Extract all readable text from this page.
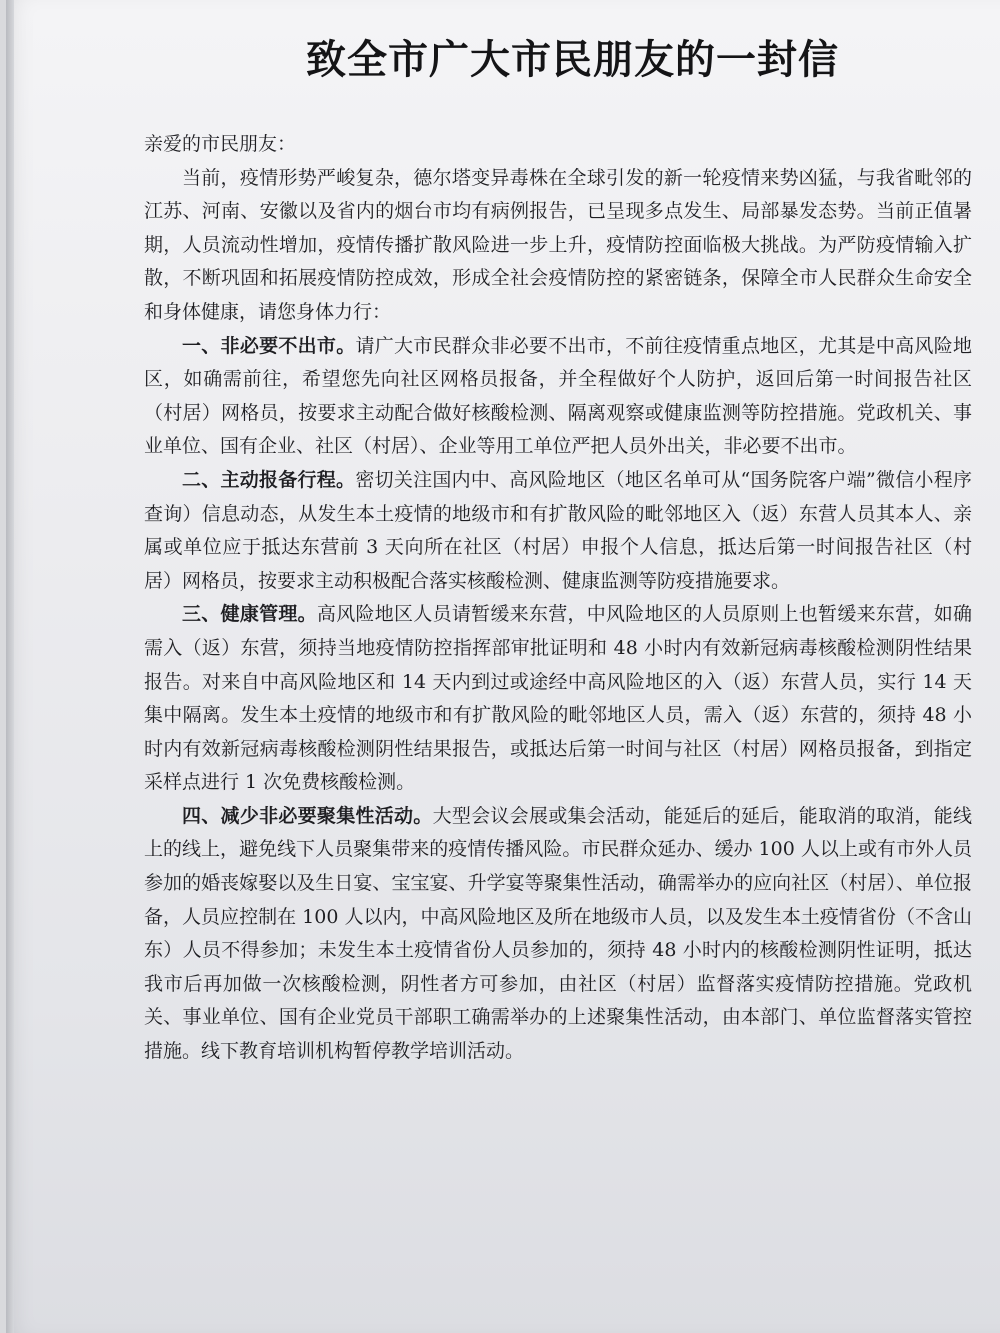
致全市广大市民朋友的一封信

亲爱的市民朋友：

当前，疫情形势严峻复杂，德尔塔变异毒株在全球引发的新一轮疫情来势凶猛，与我省毗邻的江苏、河南、安徽以及省内的烟台市均有病例报告，已呈现多点发生、局部暴发态势。当前正值暑期，人员流动性增加，疫情传播扩散风险进一步上升，疫情防控面临极大挑战。为严防疫情输入扩散，不断巩固和拓展疫情防控成效，形成全社会疫情防控的紧密链条，保障全市人民群众生命安全和身体健康，请您身体力行：

一、非必要不出市。请广大市民群众非必要不出市，不前往疫情重点地区，尤其是中高风险地区，如确需前往，希望您先向社区网格员报备，并全程做好个人防护，返回后第一时间报告社区（村居）网格员，按要求主动配合做好核酸检测、隔离观察或健康监测等防控措施。党政机关、事业单位、国有企业、社区（村居）、企业等用工单位严把人员外出关，非必要不出市。

二、主动报备行程。密切关注国内中、高风险地区（地区名单可从“国务院客户端”微信小程序查询）信息动态，从发生本土疫情的地级市和有扩散风险的毗邻地区入（返）东营人员其本人、亲属或单位应于抵达东营前 3 天向所在社区（村居）申报个人信息，抵达后第一时间报告社区（村居）网格员，按要求主动积极配合落实核酸检测、健康监测等防疫措施要求。

三、健康管理。高风险地区人员请暂缓来东营，中风险地区的人员原则上也暂缓来东营，如确需入（返）东营，须持当地疫情防控指挥部审批证明和 48 小时内有效新冠病毒核酸检测阴性结果报告。对来自中高风险地区和 14 天内到过或途经中高风险地区的入（返）东营人员，实行 14 天集中隔离。发生本土疫情的地级市和有扩散风险的毗邻地区人员，需入（返）东营的，须持 48 小时内有效新冠病毒核酸检测阴性结果报告，或抵达后第一时间与社区（村居）网格员报备，到指定采样点进行 1 次免费核酸检测。

四、减少非必要聚集性活动。大型会议会展或集会活动，能延后的延后，能取消的取消，能线上的线上，避免线下人员聚集带来的疫情传播风险。市民群众延办、缓办 100 人以上或有市外人员参加的婚丧嫁娶以及生日宴、宝宝宴、升学宴等聚集性活动，确需举办的应向社区（村居）、单位报备，人员应控制在 100 人以内，中高风险地区及所在地级市人员，以及发生本土疫情省份（不含山东）人员不得参加；未发生本土疫情省份人员参加的，须持 48 小时内的核酸检测阴性证明，抵达我市后再加做一次核酸检测，阴性者方可参加，由社区（村居）监督落实疫情防控措施。党政机关、事业单位、国有企业党员干部职工确需举办的上述聚集性活动，由本部门、单位监督落实管控措施。线下教育培训机构暂停教学培训活动。
